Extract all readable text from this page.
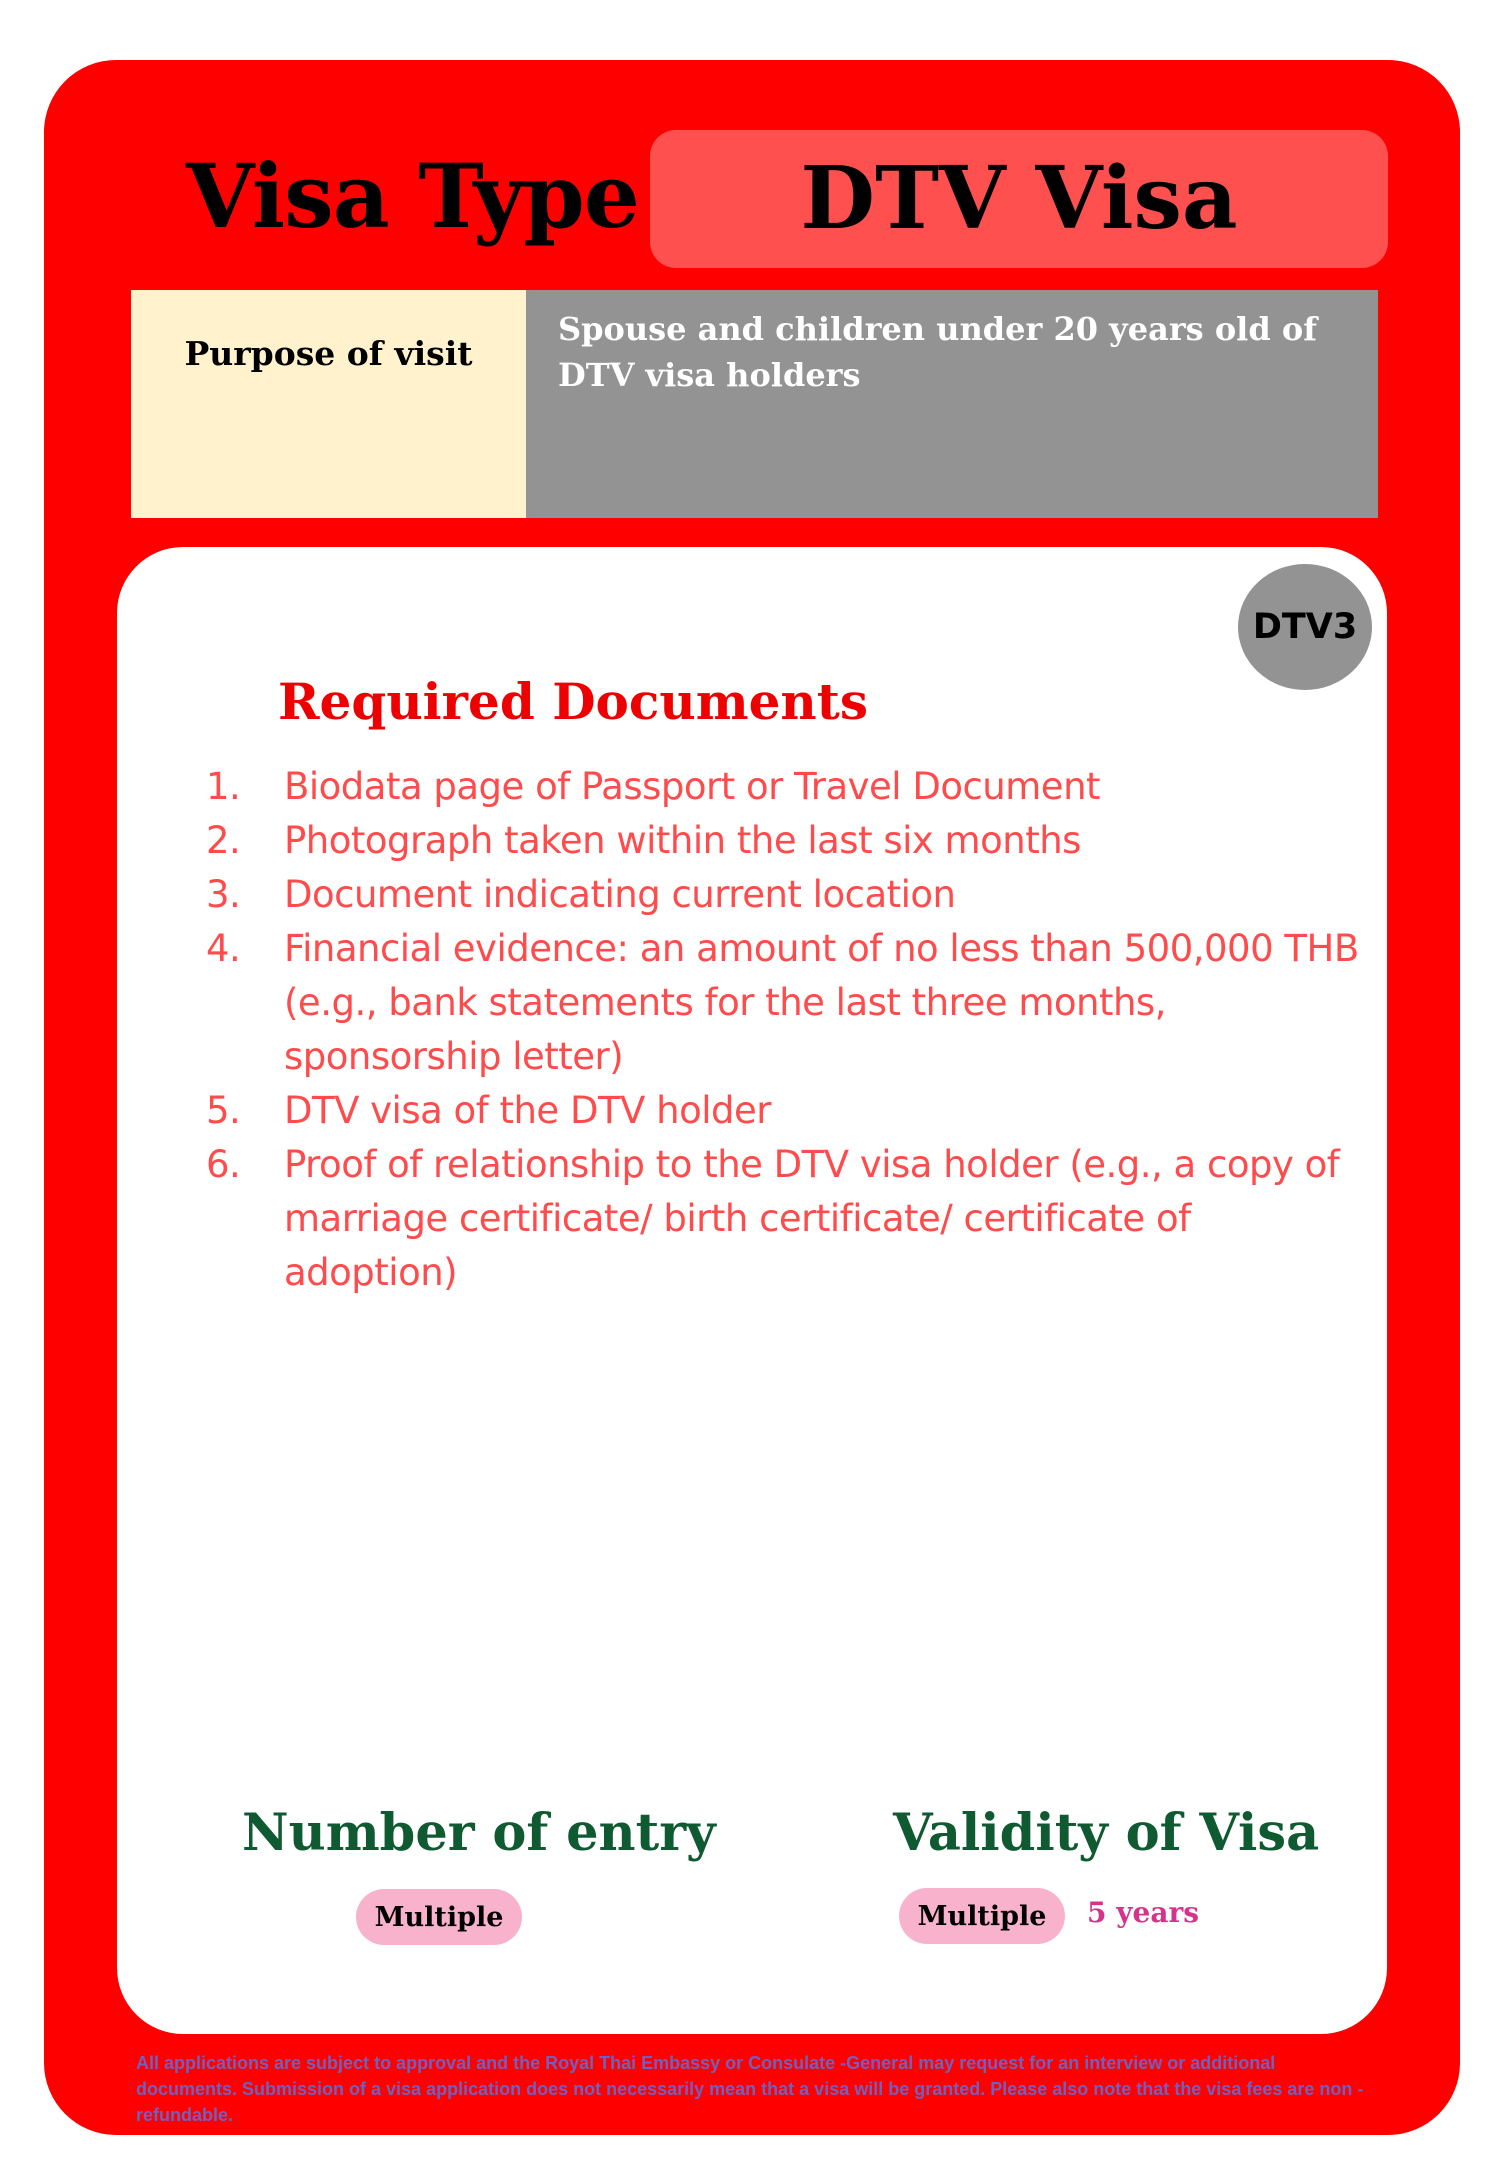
Visa Type DTV Visa
Purpose of visit
Spouse and children under 20 years old of DTV visa holders
DTV3
Required Documents
1. Biodata page of Passport or Travel Document
2. Photograph taken within the last six months
3. Document indicating current location
4. Financial evidence: an amount of no less than 500,000 THB (e.g., bank statements for the last three months, sponsorship letter)
5. DTV visa of the DTV holder
6. Proof of relationship to the DTV visa holder (e.g., a copy of marriage certificate/ birth certificate/ certificate of adoption)
Number of entry
Multiple
Validity of Visa
Multiple	5 years
All applications are subject to approval and the Royal Thai Embassy or Consulate -General may request for an interview or additional documents. Submission of a visa application does not necessarily mean that a visa will be granted. Please also note that the visa fees are non -refundable.
